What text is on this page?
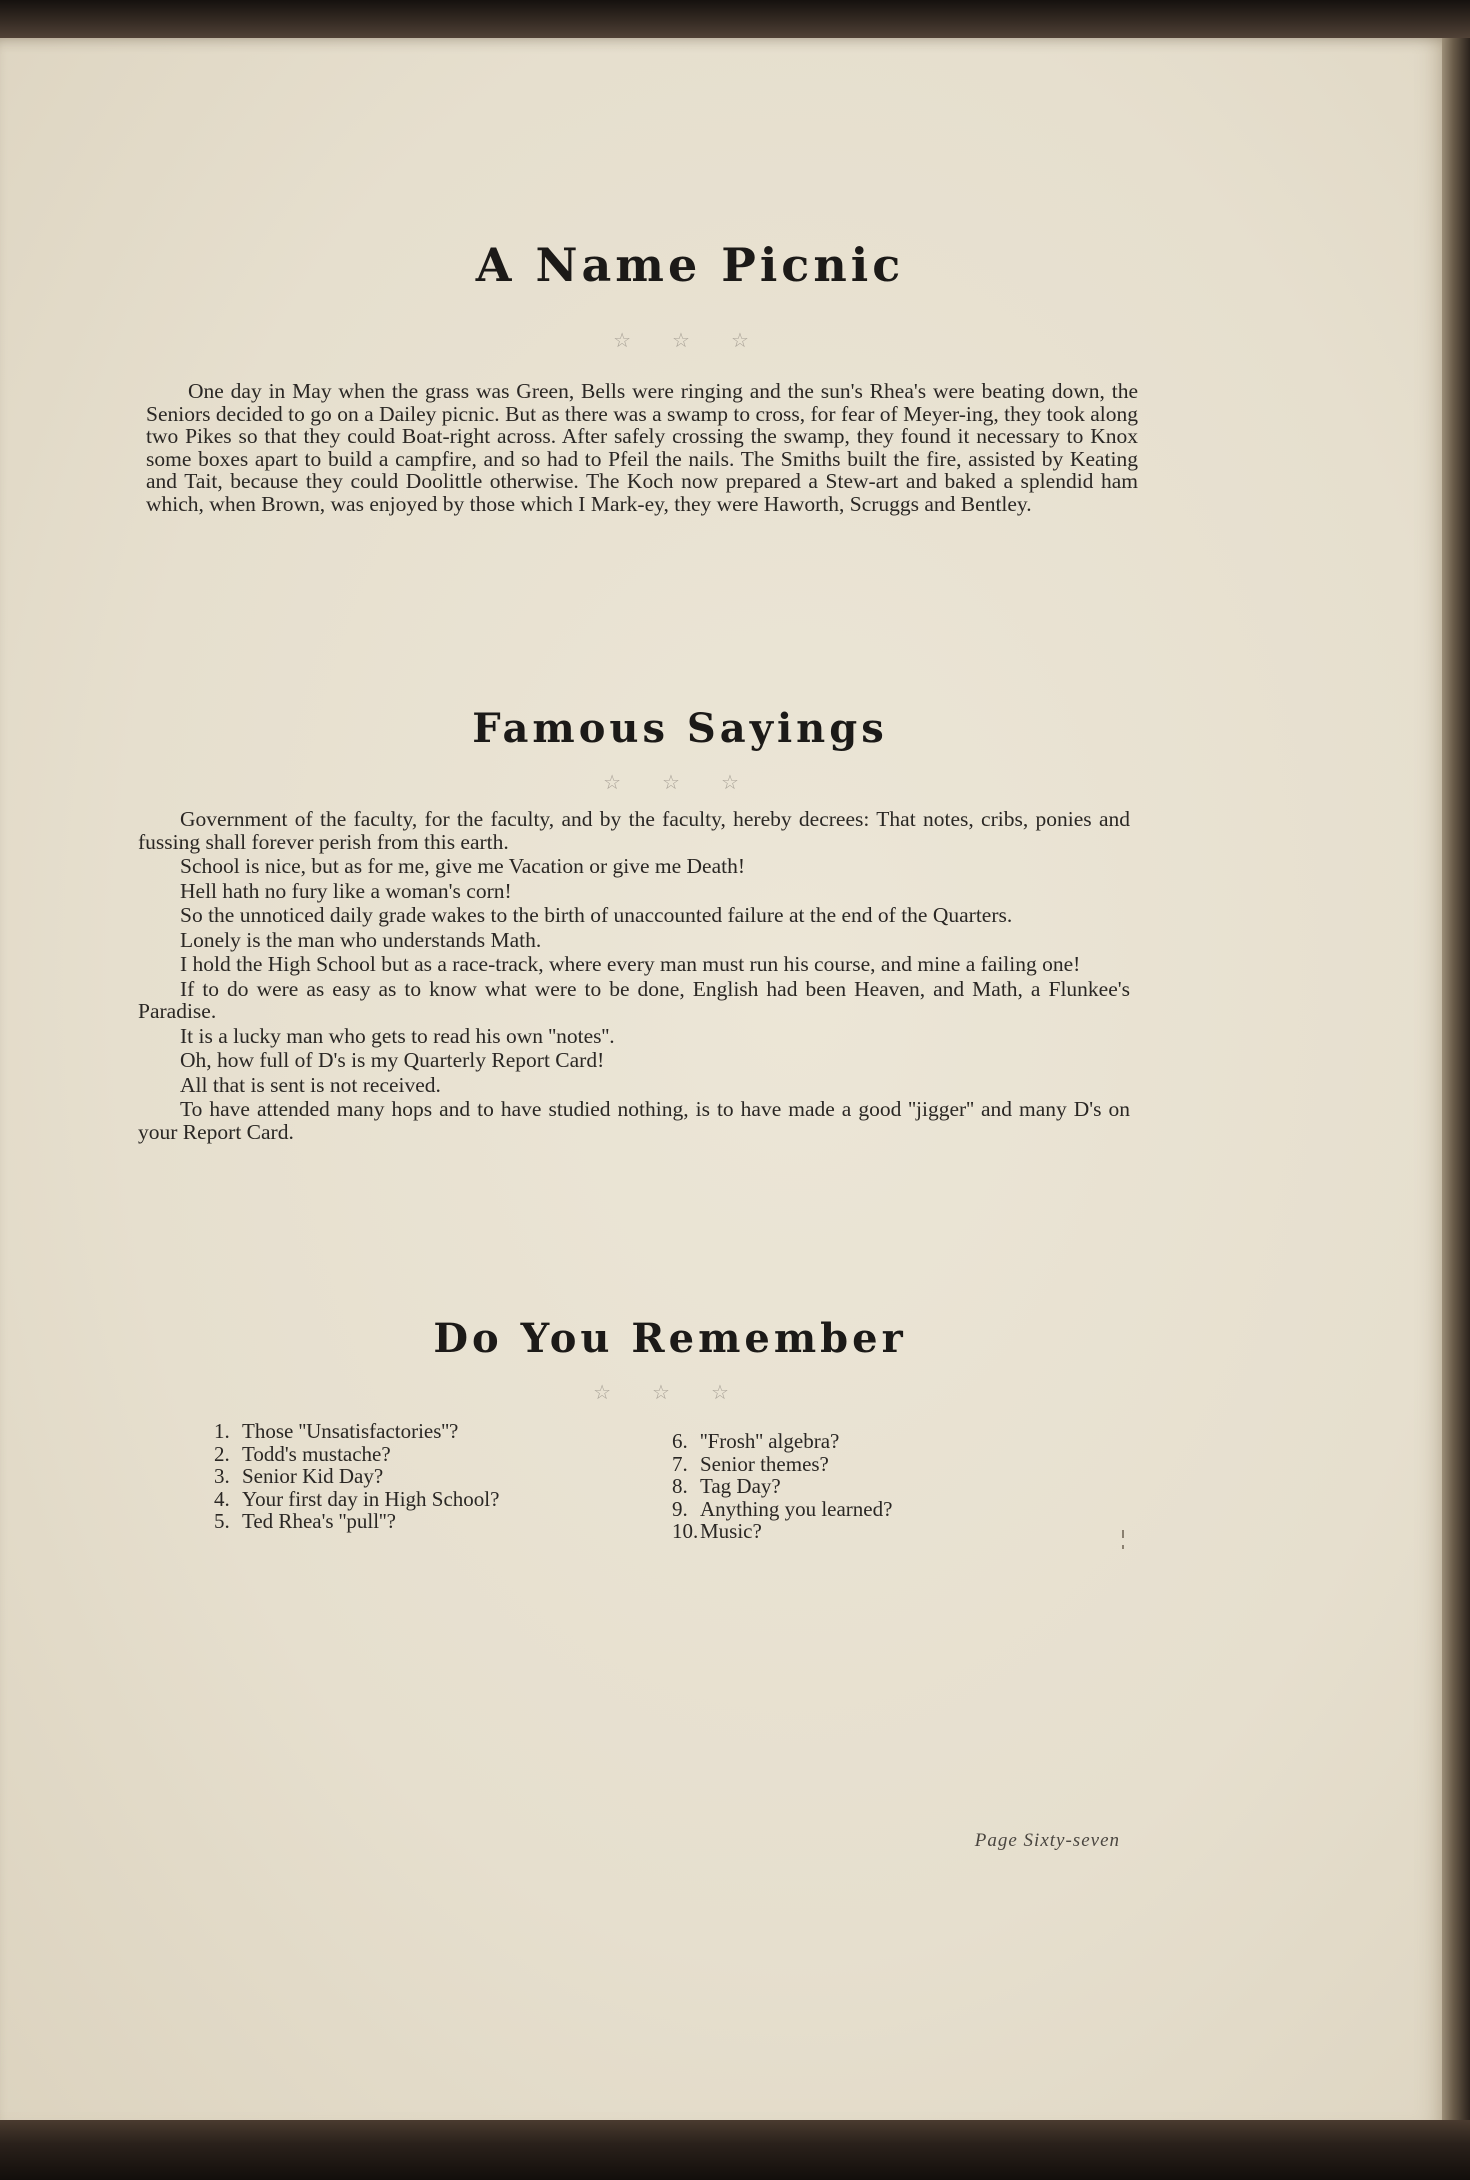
A Name Picnic
☆ ☆ ☆

One day in May when the grass was Green, Bells were ringing and the sun's Rhea's were beating down, the Seniors decided to go on a Dailey picnic. But as there was a swamp to cross, for fear of Meyer-ing, they took along two Pikes so that they could Boat-right across. After safely crossing the swamp, they found it necessary to Knox some boxes apart to build a campfire, and so had to Pfeil the nails. The Smiths built the fire, assisted by Keating and Tait, because they could Doolittle otherwise. The Koch now prepared a Stew-art and baked a splendid ham which, when Brown, was enjoyed by those which I Mark-ey, they were Haworth, Scruggs and Bentley.

Famous Sayings
☆ ☆ ☆

Government of the faculty, for the faculty, and by the faculty, hereby decrees: That notes, cribs, ponies and fussing shall forever perish from this earth.

School is nice, but as for me, give me Vacation or give me Death!

Hell hath no fury like a woman's corn!

So the unnoticed daily grade wakes to the birth of unaccounted failure at the end of the Quarters.

Lonely is the man who understands Math.

I hold the High School but as a race-track, where every man must run his course, and mine a failing one!

If to do were as easy as to know what were to be done, English had been Heaven, and Math, a Flunkee's Paradise.

It is a lucky man who gets to read his own ''notes''.

Oh, how full of D's is my Quarterly Report Card!

All that is sent is not received.

To have attended many hops and to have studied nothing, is to have made a good ''jigger'' and many D's on your Report Card.

Do You Remember
☆ ☆ ☆
1. Those ''Unsatisfactories''?
2. Todd's mustache?
3. Senior Kid Day?
4. Your first day in High School?
5. Ted Rhea's ''pull''?
6. ''Frosh'' algebra?
7. Senior themes?
8. Tag Day?
9. Anything you learned?
10.Music?
Page Sixty-seven
